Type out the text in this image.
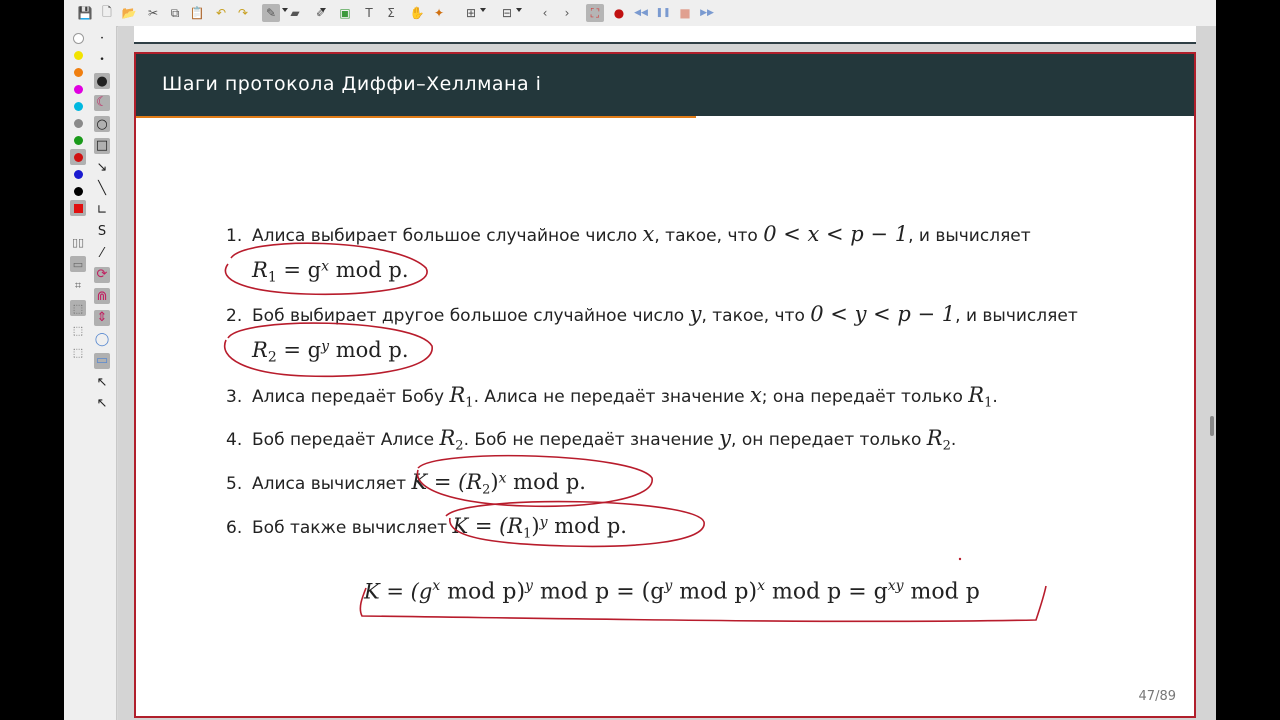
💾 🗋 📂 ✂	⧉ 📋 ↶ ↷	✎	▰	✐	▣	T	Σ	✋ ✦	⊞	⊟	‹	›	⛶	●	◀◀ ❚❚ ■	▶▶
•
•
●
☾
○
□
↘
╲
∟
S
⁄
⟳
⋒
⇕
◯
▭
↖
↖
▯▯
▭
⌗
⬚
⬚
⬚
Шаги протокола Диффи–Хеллмана i
1. Алиса выбирает большое случайное число x, такое, что 0 < x < p − 1, и вычисляет
$R_1 = g^x$ mod p.
2. Боб выбирает другое большое случайное число y, такое, что 0 < y < p − 1, и вычисляет
$R_2 = g^y$ mod p.
3. Алиса передаёт Бобу $R_1$. Алиса не передаёт значение x; она передаёт только $R_1$.
4. Боб передаёт Алисе $R_2$. Боб не передаёт значение y, он передает только $R_2$.
5. Алиса вычисляет $K = (R_2)^x$ mod p.
6. Боб также вычисляет $K = (R_1)^y$ mod p.
$K = (g^x$ mod p)$^y$ mod $p = (g^y$ mod p)$^x$ mod $p = g^{xy}$ mod p
47/89
